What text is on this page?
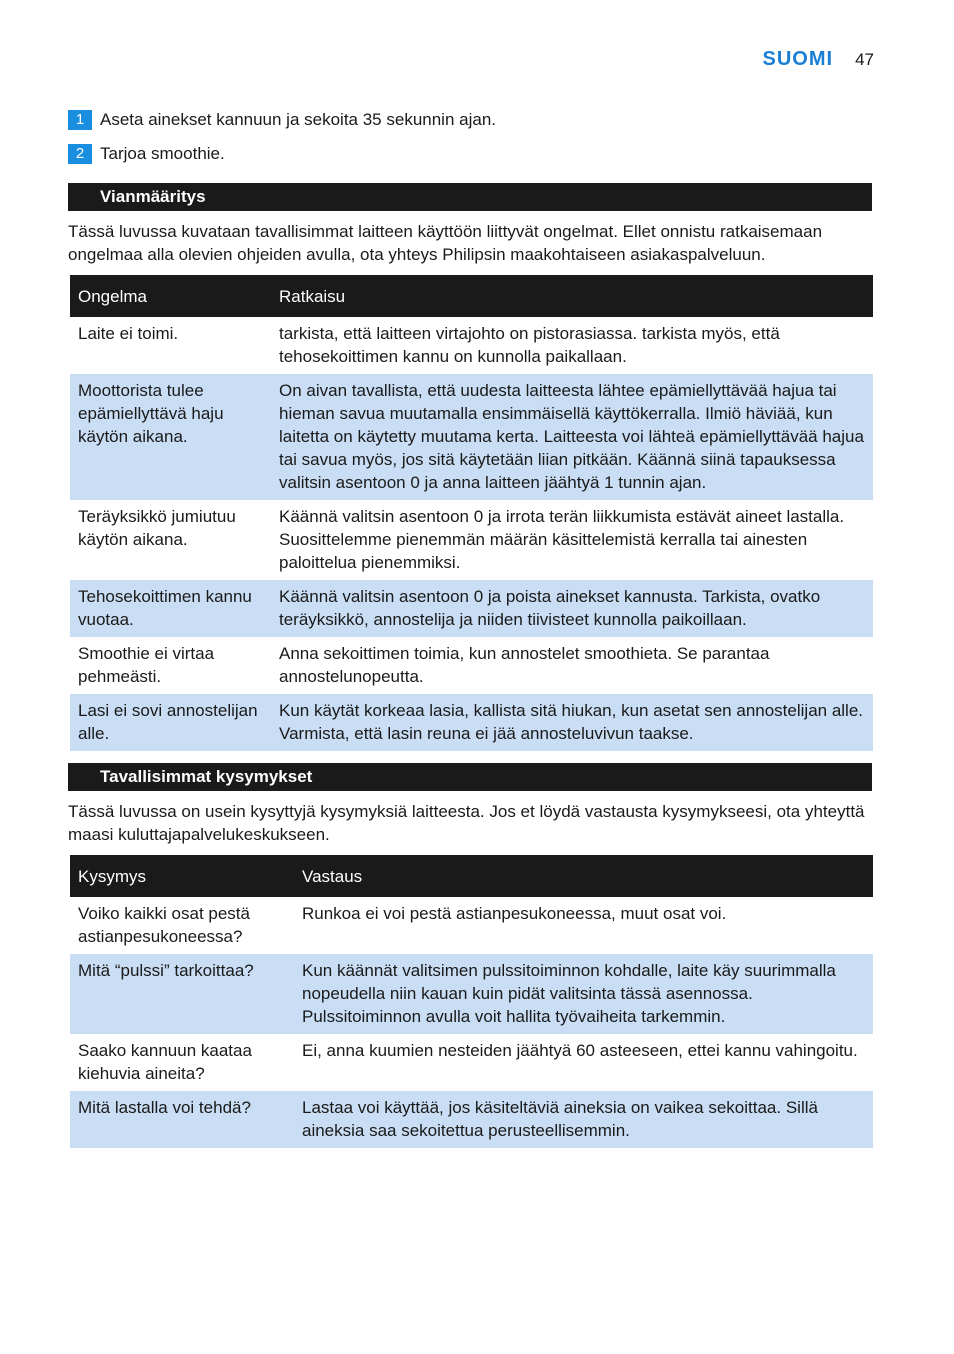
SUOMI 47
1 Aseta ainekset kannuun ja sekoita 35 sekunnin ajan.
2 Tarjoa smoothie.
Vianmääritys
Tässä luvussa kuvataan tavallisimmat laitteen käyttöön liittyvät ongelmat. Ellet onnistu ratkaisemaan ongelmaa alla olevien ohjeiden avulla, ota yhteys Philipsin maakohtaiseen asiakaspalveluun.
Ongelma	Ratkaisu
Laite ei toimi.	tarkista, että laitteen virtajohto on pistorasiassa. tarkista myös, että tehosekoittimen kannu on kunnolla paikallaan.
Moottorista tulee epämiellyttävä haju käytön aikana.	On aivan tavallista, että uudesta laitteesta lähtee epämiellyttävää hajua tai hieman savua muutamalla ensimmäisellä käyttökerralla. Ilmiö häviää, kun laitetta on käytetty muutama kerta. Laitteesta voi lähteä epämiellyttävää hajua tai savua myös, jos sitä käytetään liian pitkään. Käännä siinä tapauksessa valitsin asentoon 0 ja anna laitteen jäähtyä 1 tunnin ajan.
Teräyksikkö jumiutuu käytön aikana.	Käännä valitsin asentoon 0 ja irrota terän liikkumista estävät aineet lastalla. Suosittelemme pienemmän määrän käsittelemistä kerralla tai ainesten paloittelua pienemmiksi.
Tehosekoittimen kannu vuotaa.	Käännä valitsin asentoon 0 ja poista ainekset kannusta. Tarkista, ovatko teräyksikkö, annostelija ja niiden tiivisteet kunnolla paikoillaan.
Smoothie ei virtaa pehmeästi.	Anna sekoittimen toimia, kun annostelet smoothieta. Se parantaa annostelunopeutta.
Lasi ei sovi annostelijan alle.	Kun käytät korkeaa lasia, kallista sitä hiukan, kun asetat sen annostelijan alle. Varmista, että lasin reuna ei jää annosteluvivun taakse.
Tavallisimmat kysymykset
Tässä luvussa on usein kysyttyjä kysymyksiä laitteesta. Jos et löydä vastausta kysymykseesi, ota yhteyttä maasi kuluttajapalvelukeskukseen.
Kysymys	Vastaus
Voiko kaikki osat pestä astianpesukoneessa?	Runkoa ei voi pestä astianpesukoneessa, muut osat voi.
Mitä “pulssi” tarkoittaa?	Kun käännät valitsimen pulssitoiminnon kohdalle, laite käy suurimmalla nopeudella niin kauan kuin pidät valitsinta tässä asennossa. Pulssitoiminnon avulla voit hallita työvaiheita tarkemmin.
Saako kannuun kaataa kiehuvia aineita?	Ei, anna kuumien nesteiden jäähtyä 60 asteeseen, ettei kannu vahingoitu.
Mitä lastalla voi tehdä?	Lastaa voi käyttää, jos käsiteltäviä aineksia on vaikea sekoittaa. Sillä aineksia saa sekoitettua perusteellisemmin.
